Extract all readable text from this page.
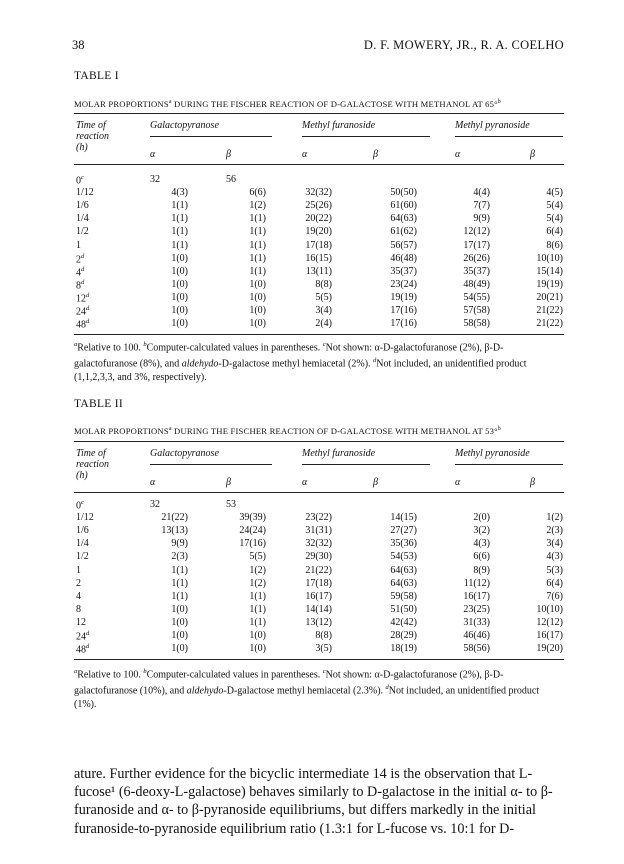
38	D. F. MOWERY, JR., R. A. COELHO
TABLE I
MOLAR PROPORTIONS$^a$ DURING THE FISCHER REACTION OF D-GALACTOSE WITH METHANOL AT 65°$^b$
Time of
reaction
(h)
Galactopyranose	Methyl furanoside	Methyl pyranoside
α	β	α	β	α	β
0$^c$	32	56
1/12	4(3)	6(6)	32(32)	50(50)	4(4)	4(5)
1/6	1(1)	1(2)	25(26)	61(60)	7(7)	5(4)
1/4	1(1)	1(1)	20(22)	64(63)	9(9)	5(4)
1/2	1(1)	1(1)	19(20)	61(62)	12(12)	6(4)
1	1(1)	1(1)	17(18)	56(57)	17(17)	8(6)
2$^d$	1(0)	1(1)	16(15)	46(48)	26(26)	10(10)
4$^d$	1(0)	1(1)	13(11)	35(37)	35(37)	15(14)
8$^d$	1(0)	1(0)	8(8)	23(24)	48(49)	19(19)
12$^d$	1(0)	1(0)	5(5)	19(19)	54(55)	20(21)
24$^d$	1(0)	1(0)	3(4)	17(16)	57(58)	21(22)
48$^d$	1(0)	1(0)	2(4)	17(16)	58(58)	21(22)
$^a$Relative to 100. $^b$Computer-calculated values in parentheses. $^c$Not shown: α-D-galactofuranose (2%), β-D-galactofuranose (8%), and aldehydo-D-galactose methyl hemiacetal (2%). $^d$Not included, an unidentified product (1,1,2,3,3, and 3%, respectively).
TABLE II
MOLAR PROPORTIONS$^a$ DURING THE FISCHER REACTION OF D-GALACTOSE WITH METHANOL AT 53°$^b$
Time of
reaction
(h)
Galactopyranose	Methyl furanoside	Methyl pyranoside
α	β	α	β	α	β
0$^c$	32	53
1/12	21(22)	39(39)	23(22)	14(15)	2(0)	1(2)
1/6	13(13)	24(24)	31(31)	27(27)	3(2)	2(3)
1/4	9(9)	17(16)	32(32)	35(36)	4(3)	3(4)
1/2	2(3)	5(5)	29(30)	54(53)	6(6)	4(3)
1	1(1)	1(2)	21(22)	64(63)	8(9)	5(3)
2	1(1)	1(2)	17(18)	64(63)	11(12)	6(4)
4	1(1)	1(1)	16(17)	59(58)	16(17)	7(6)
8	1(0)	1(1)	14(14)	51(50)	23(25)	10(10)
12	1(0)	1(1)	13(12)	42(42)	31(33)	12(12)
24$^d$	1(0)	1(0)	8(8)	28(29)	46(46)	16(17)
48$^d$	1(0)	1(0)	3(5)	18(19)	58(56)	19(20)
$^a$Relative to 100. $^b$Computer-calculated values in parentheses. $^c$Not shown: α-D-galactofuranose (2%), β-D-galactofuranose (10%), and aldehydo-D-galactose methyl hemiacetal (2.3%). $^d$Not included, an unidentified product (1%).

ature. Further evidence for the bicyclic intermediate 14 is the observation that L-fucose¹ (6-deoxy-L-galactose) behaves similarly to D-galactose in the initial α- to β-furanoside and α- to β-pyranoside equilibriums, but differs markedly in the initial furanoside-to-pyranoside equilibrium ratio (1.3:1 for L-fucose vs. 10:1 for D-
